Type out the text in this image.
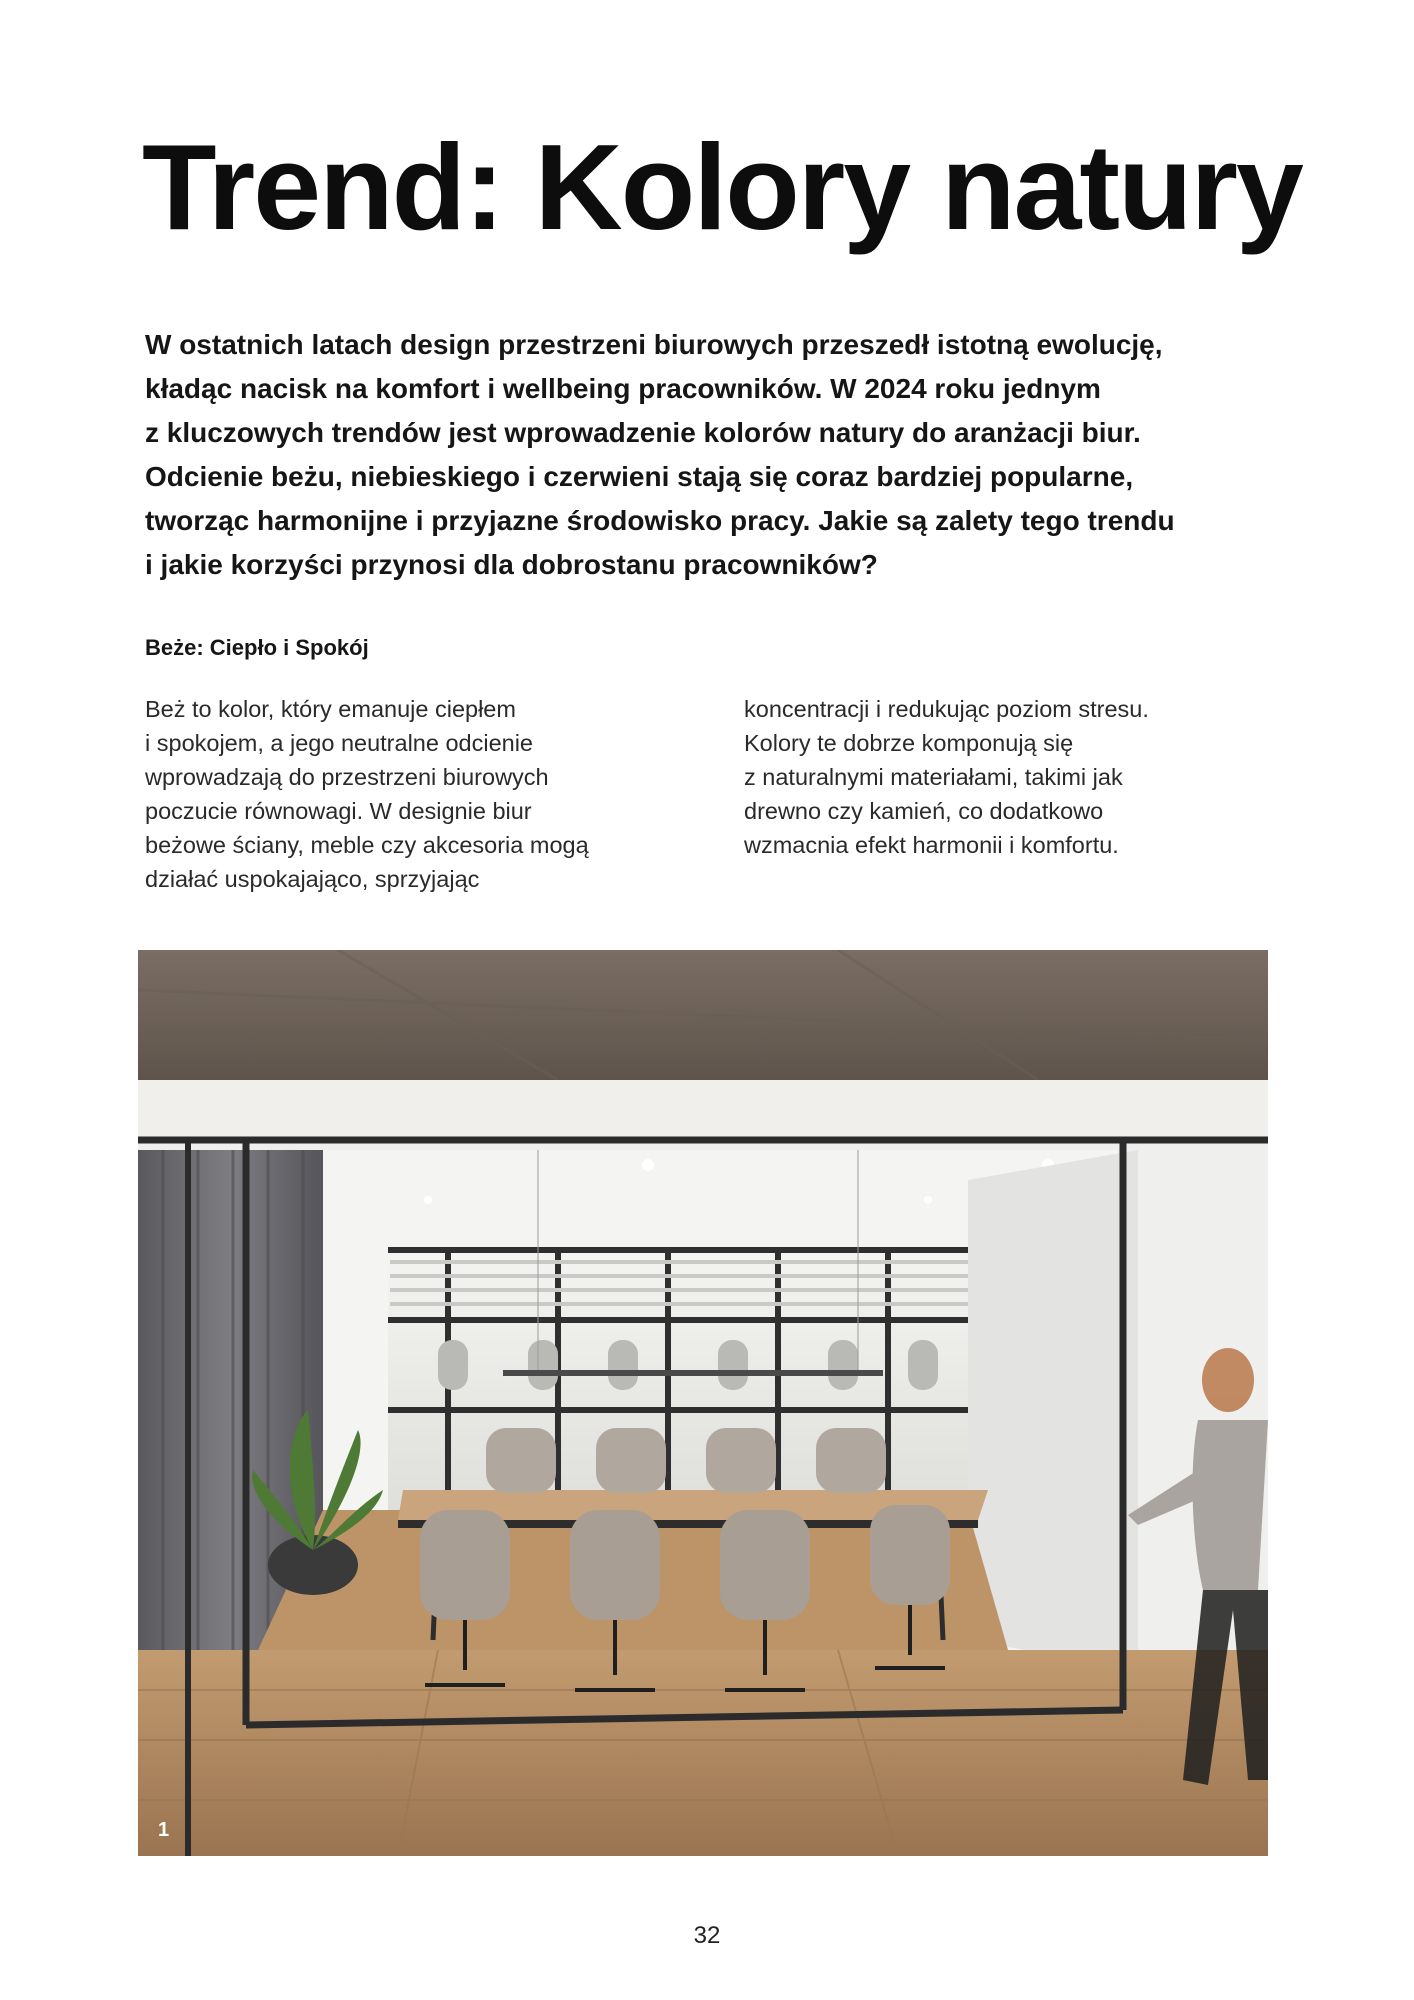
Trend: Kolory natury
W ostatnich latach design przestrzeni biurowych przeszedł istotną ewolucję,
kładąc nacisk na komfort i wellbeing pracowników. W 2024 roku jednym
z kluczowych trendów jest wprowadzenie kolorów natury do aranżacji biur.
Odcienie beżu, niebieskiego i czerwieni stają się coraz bardziej popularne,
tworząc harmonijne i przyjazne środowisko pracy. Jakie są zalety tego trendu
i jakie korzyści przynosi dla dobrostanu pracowników?
Beże: Ciepło i Spokój
Beż to kolor, który emanuje ciepłem
i spokojem, a jego neutralne odcienie
wprowadzają do przestrzeni biurowych
poczucie równowagi. W designie biur
beżowe ściany, meble czy akcesoria mogą
działać uspokajająco, sprzyjając
koncentracji i redukując poziom stresu.
Kolory te dobrze komponują się
z naturalnymi materiałami, takimi jak
drewno czy kamień, co dodatkowo
wzmacnia efekt harmonii i komfortu.
1
32
